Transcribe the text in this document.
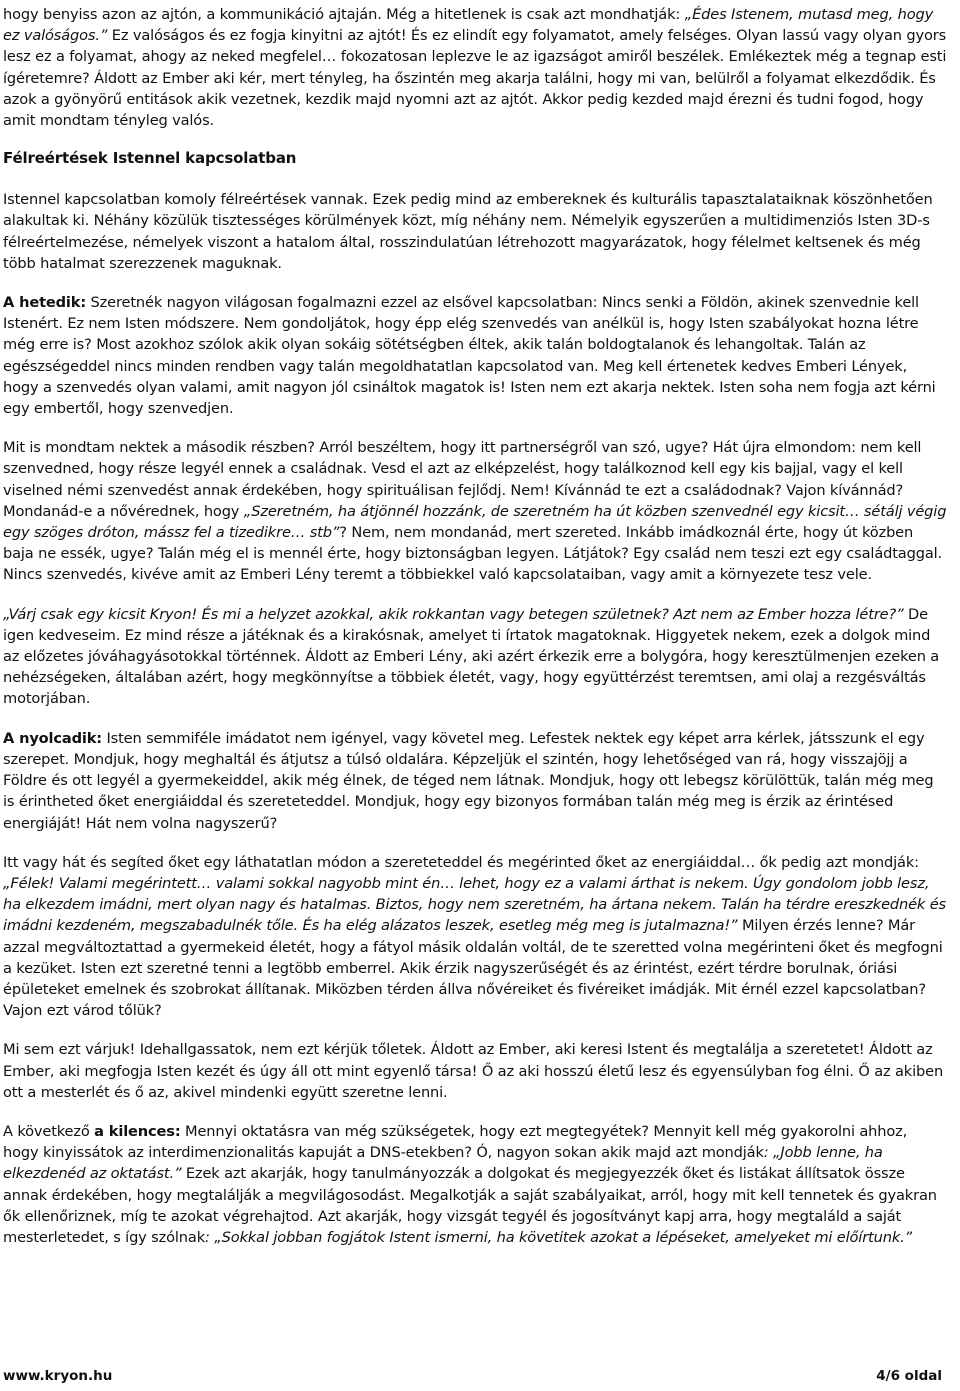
hogy benyiss azon az ajtón, a kommunikáció ajtaján. Még a hitetlenek is csak azt mondhatják: „Édes Istenem, mutasd meg, hogy ez valóságos.” Ez valóságos és ez fogja kinyitni az ajtót! És ez elindít egy folyamatot, amely felséges. Olyan lassú vagy olyan gyors lesz ez a folyamat, ahogy az neked megfelel… fokozatosan leplezve le az igazságot amiről beszélek. Emlékeztek még a tegnap esti ígéretemre? Áldott az Ember aki kér, mert tényleg, ha őszintén meg akarja találni, hogy mi van, belülről a folyamat elkezdődik. És azok a gyönyörű entitások akik vezetnek, kezdik majd nyomni azt az ajtót. Akkor pedig kezded majd érezni és tudni fogod, hogy amit mondtam tényleg valós.

Félreértések Istennel kapcsolatban

Istennel kapcsolatban komoly félreértések vannak. Ezek pedig mind az embereknek és kulturális tapasztalataiknak köszönhetően alakultak ki. Néhány közülük tisztességes körülmények közt, míg néhány nem. Némelyik egyszerűen a multidimenziós Isten 3D-s félreértelmezése, némelyek viszont a hatalom által, rosszindulatúan létrehozott magyarázatok, hogy félelmet keltsenek és még több hatalmat szerezzenek maguknak.

A hetedik: Szeretnék nagyon világosan fogalmazni ezzel az elsővel kapcsolatban: Nincs senki a Földön, akinek szenvednie kell Istenért. Ez nem Isten módszere. Nem gondoljátok, hogy épp elég szenvedés van anélkül is, hogy Isten szabályokat hozna létre még erre is? Most azokhoz szólok akik olyan sokáig sötétségben éltek, akik talán boldogtalanok és lehangoltak. Talán az egészségeddel nincs minden rendben vagy talán megoldhatatlan kapcsolatod van. Meg kell értenetek kedves Emberi Lények, hogy a szenvedés olyan valami, amit nagyon jól csináltok magatok is! Isten nem ezt akarja nektek. Isten soha nem fogja azt kérni egy embertől, hogy szenvedjen.

Mit is mondtam nektek a második részben? Arról beszéltem, hogy itt partnerségről van szó, ugye? Hát újra elmondom: nem kell szenvedned, hogy része legyél ennek a családnak. Vesd el azt az elképzelést, hogy találkoznod kell egy kis bajjal, vagy el kell viselned némi szenvedést annak érdekében, hogy spirituálisan fejlődj. Nem! Kívánnád te ezt a családodnak? Vajon kívánnád? Mondanád-e a nővérednek, hogy „Szeretném, ha átjönnél hozzánk, de szeretném ha út közben szenvednél egy kicsit… sétálj végig egy szöges dróton, mássz fel a tizedikre… stb”? Nem, nem mondanád, mert szereted. Inkább imádkoznál érte, hogy út közben baja ne essék, ugye? Talán még el is mennél érte, hogy biztonságban legyen. Látjátok? Egy család nem teszi ezt egy családtaggal. Nincs szenvedés, kivéve amit az Emberi Lény teremt a többiekkel való kapcsolataiban, vagy amit a környezete tesz vele.

„Várj csak egy kicsit Kryon! És mi a helyzet azokkal, akik rokkantan vagy betegen születnek? Azt nem az Ember hozza létre?” De igen kedveseim. Ez mind része a játéknak és a kirakósnak, amelyet ti írtatok magatoknak. Higgyetek nekem, ezek a dolgok mind az előzetes jóváhagyásotokkal történnek. Áldott az Emberi Lény, aki azért érkezik erre a bolygóra, hogy keresztülmenjen ezeken a nehézségeken, általában azért, hogy megkönnyítse a többiek életét, vagy, hogy együttérzést teremtsen, ami olaj a rezgésváltás motorjában.

A nyolcadik: Isten semmiféle imádatot nem igényel, vagy követel meg. Lefestek nektek egy képet arra kérlek, játsszunk el egy szerepet. Mondjuk, hogy meghaltál és átjutsz a túlsó oldalára. Képzeljük el szintén, hogy lehetőséged van rá, hogy visszajöjj a Földre és ott legyél a gyermekeiddel, akik még élnek, de téged nem látnak. Mondjuk, hogy ott lebegsz körülöttük, talán még meg is érintheted őket energiáiddal és szereteteddel. Mondjuk, hogy egy bizonyos formában talán még meg is érzik az érintésed energiáját! Hát nem volna nagyszerű?

Itt vagy hát és segíted őket egy láthatatlan módon a szereteteddel és megérinted őket az energiáiddal… ők pedig azt mondják: „Félek! Valami megérintett… valami sokkal nagyobb mint én… lehet, hogy ez a valami árthat is nekem. Úgy gondolom jobb lesz, ha elkezdem imádni, mert olyan nagy és hatalmas. Biztos, hogy nem szeretném, ha ártana nekem. Talán ha térdre ereszkednék és imádni kezdeném, megszabadulnék tőle. És ha elég alázatos leszek, esetleg még meg is jutalmazna!” Milyen érzés lenne? Már azzal megváltoztattad a gyermekeid életét, hogy a fátyol másik oldalán voltál, de te szeretted volna megérinteni őket és megfogni a kezüket. Isten ezt szeretné tenni a legtöbb emberrel. Akik érzik nagyszerűségét és az érintést, ezért térdre borulnak, óriási épületeket emelnek és szobrokat állítanak. Miközben térden állva nővéreiket és fivéreiket imádják. Mit érnél ezzel kapcsolatban? Vajon ezt várod tőlük?

Mi sem ezt várjuk! Idehallgassatok, nem ezt kérjük tőletek. Áldott az Ember, aki keresi Istent és megtalálja a szeretetet! Áldott az Ember, aki megfogja Isten kezét és úgy áll ott mint egyenlő társa! Ő az aki hosszú életű lesz és egyensúlyban fog élni. Ő az akiben ott a mesterlét és ő az, akivel mindenki együtt szeretne lenni.

A következő a kilences: Mennyi oktatásra van még szükségetek, hogy ezt megtegyétek? Mennyit kell még gyakorolni ahhoz, hogy kinyissátok az interdimenzionalitás kapuját a DNS-etekben? Ó, nagyon sokan akik majd azt mondják: „Jobb lenne, ha elkezdenéd az oktatást.” Ezek azt akarják, hogy tanulmányozzák a dolgokat és megjegyezzék őket és listákat állítsatok össze annak érdekében, hogy megtalálják a megvilágosodást. Megalkotják a saját szabályaikat, arról, hogy mit kell tennetek és gyakran ők ellenőriznek, míg te azokat végrehajtod. Azt akarják, hogy vizsgát tegyél és jogosítványt kapj arra, hogy megtaláld a saját mesterletedet, s így szólnak: „Sokkal jobban fogjátok Istent ismerni, ha követitek azokat a lépéseket, amelyeket mi előírtunk.”

www.kryon.hu	4/6 oldal
